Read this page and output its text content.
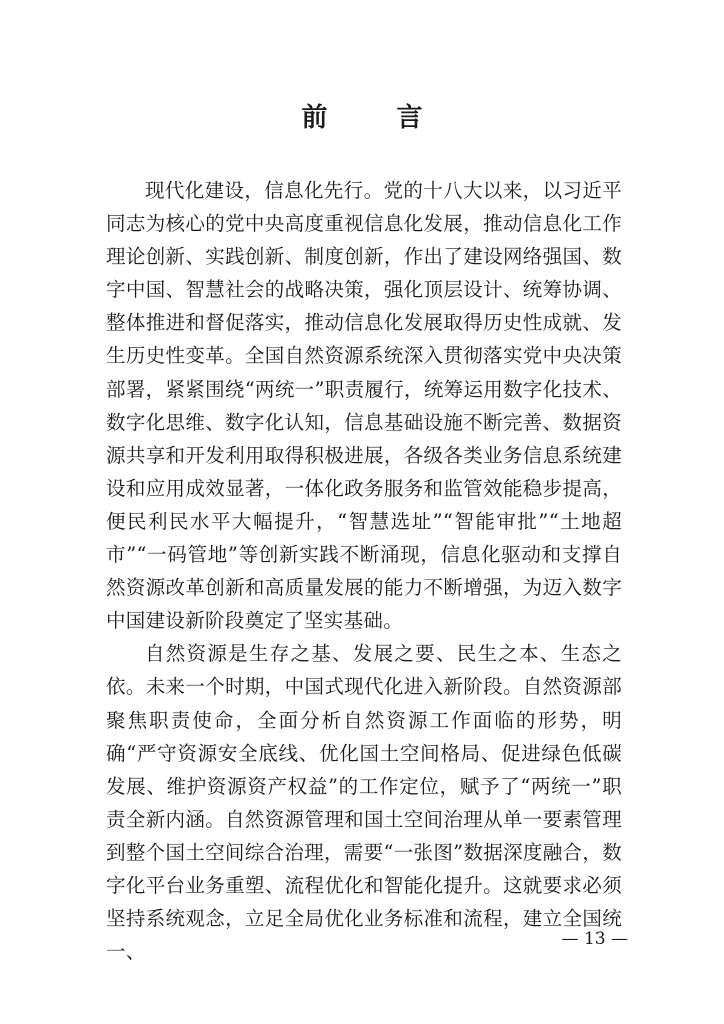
前 言

现代化建设，信息化先行。党的十八大以来，以习近平同志为核心的党中央高度重视信息化发展，推动信息化工作理论创新、实践创新、制度创新，作出了建设网络强国、数字中国、智慧社会的战略决策，强化顶层设计、统筹协调、整体推进和督促落实，推动信息化发展取得历史性成就、发生历史性变革。全国自然资源系统深入贯彻落实党中央决策部署，紧紧围绕“两统一”职责履行，统筹运用数字化技术、数字化思维、数字化认知，信息基础设施不断完善、数据资源共享和开发利用取得积极进展，各级各类业务信息系统建设和应用成效显著，一体化政务服务和监管效能稳步提高，便民利民水平大幅提升，“智慧选址”“智能审批”“土地超市”“一码管地”等创新实践不断涌现，信息化驱动和支撑自然资源改革创新和高质量发展的能力不断增强，为迈入数字中国建设新阶段奠定了坚实基础。

自然资源是生存之基、发展之要、民生之本、生态之依。未来一个时期，中国式现代化进入新阶段。自然资源部聚焦职责使命，全面分析自然资源工作面临的形势，明确“严守资源安全底线、优化国土空间格局、促进绿色低碳发展、维护资源资产权益”的工作定位，赋予了“两统一”职责全新内涵。自然资源管理和国土空间治理从单一要素管理到整个国土空间综合治理，需要“一张图”数据深度融合，数字化平台业务重塑、流程优化和智能化提升。这就要求必须坚持系统观念，立足全局优化业务标准和流程，建立全国统一、

— 13 —
